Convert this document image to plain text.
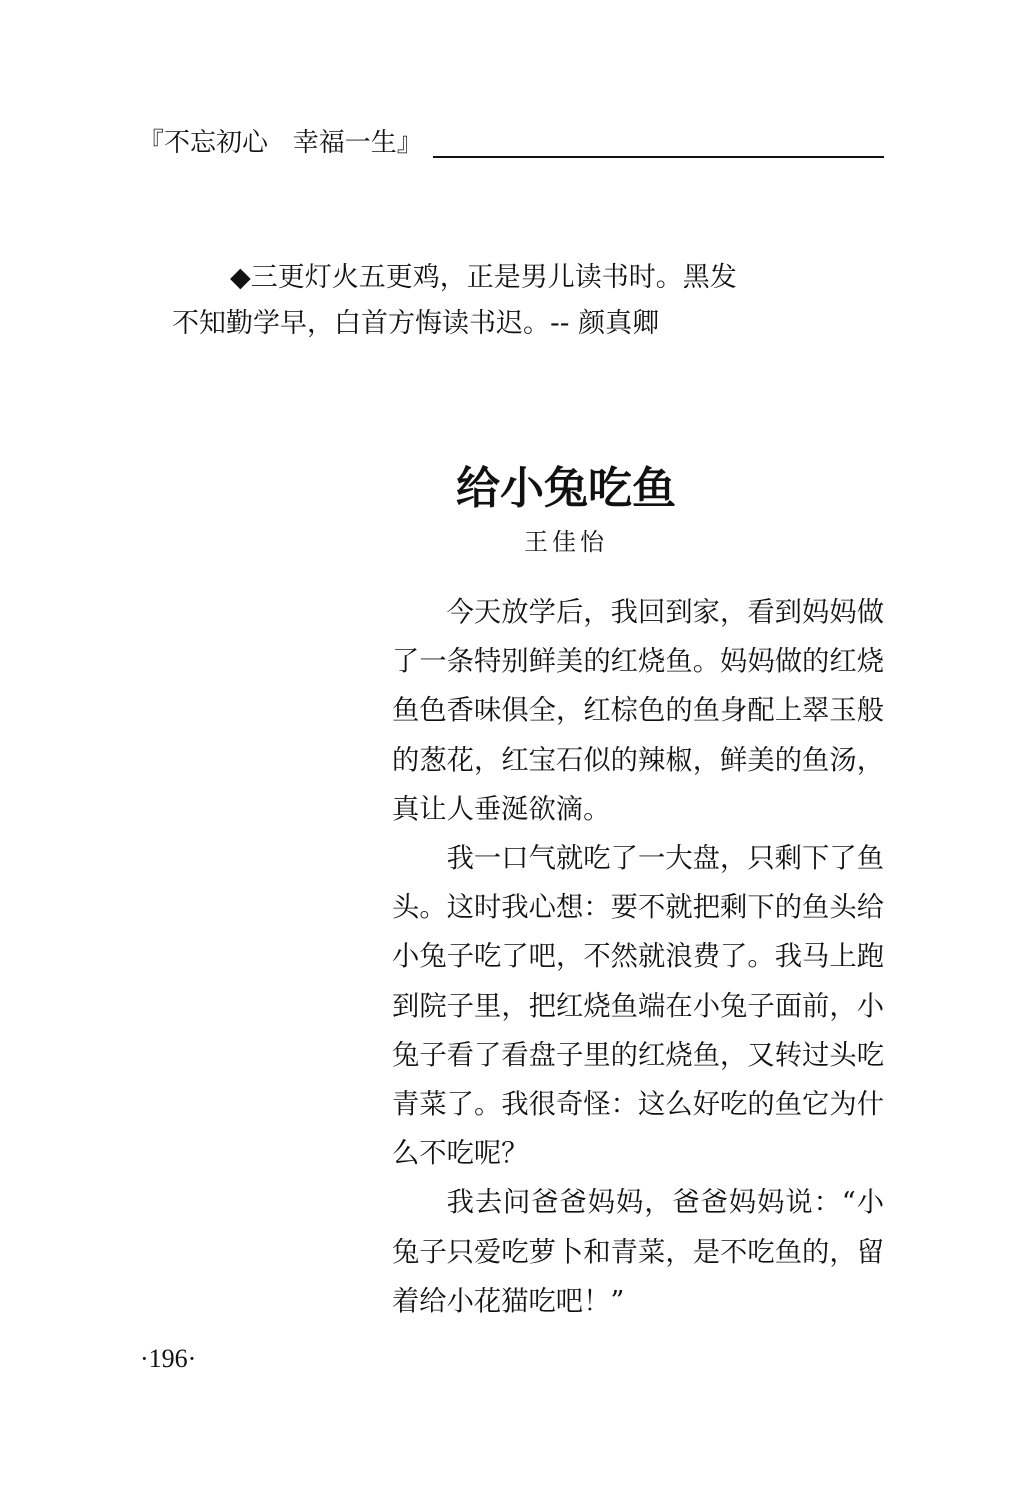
『不忘初心   幸福一生』
◆三更灯火五更鸡，正是男儿读书时。黑发
不知勤学早，白首方悔读书迟。-- 颜真卿
给小兔吃鱼
王佳怡

今天放学后，我回到家，看到妈妈做了一条特别鲜美的红烧鱼。妈妈做的红烧鱼色香味俱全，红棕色的鱼身配上翠玉般的葱花，红宝石似的辣椒，鲜美的鱼汤，真让人垂涎欲滴。

我一口气就吃了一大盘，只剩下了鱼头。这时我心想：要不就把剩下的鱼头给小兔子吃了吧，不然就浪费了。我马上跑到院子里，把红烧鱼端在小兔子面前，小兔子看了看盘子里的红烧鱼，又转过头吃青菜了。我很奇怪：这么好吃的鱼它为什么不吃呢？

我去问爸爸妈妈，爸爸妈妈说：“小兔子只爱吃萝卜和青菜，是不吃鱼的，留着给小花猫吃吧！”

·196·
